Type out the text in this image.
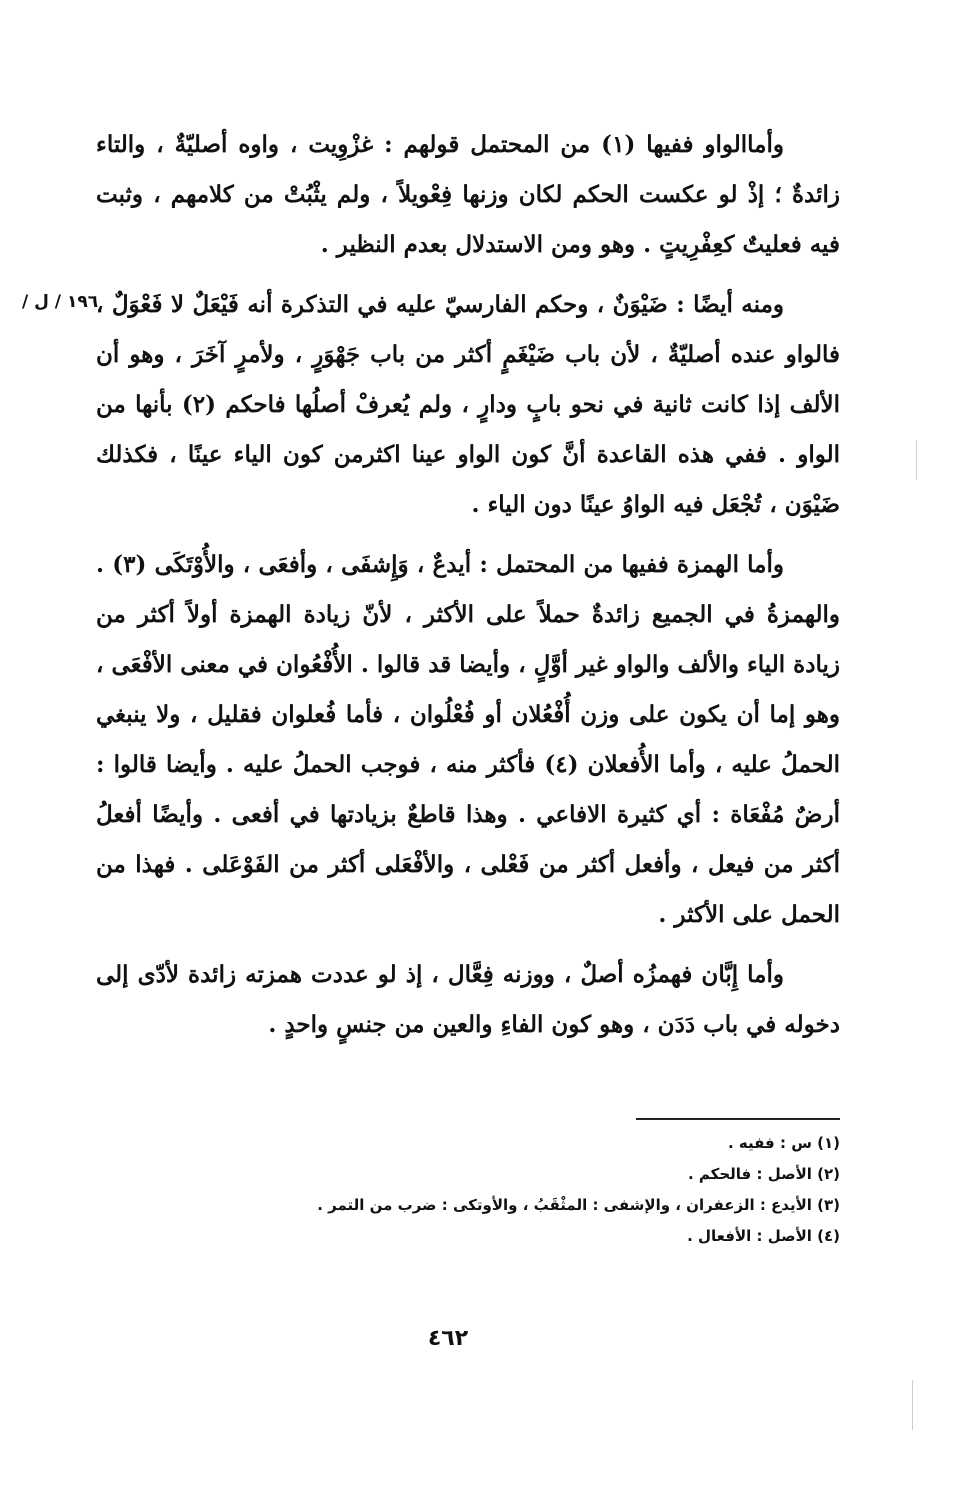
/ ١٩٦ / ل

وأماالواو ففيها (١) من المحتمل قولهم : غزْوِيت ، واوه أصليّةٌ ، والتاء زائدةٌ ؛ إذْ لو عكست الحكم لكان وزنها فِعْويلاً ، ولم يثْبُتْ من كلامهم ، وثبت فيه فعليتٌ كعِفْرِيتٍ . وهو ومن الاستدلال بعدم النظير .

ومنه أيضًا : ضَيْوَنٌ ، وحكم الفارسيّ عليه في التذكرة أنه فَيْعَلٌ لا فَعْوَلٌ ، فالواو عنده أصليّةٌ ، لأن باب ضَيْغَمٍ أكثر من باب جَهْوَرٍ ، ولأمرٍ آخَرَ ، وهو أن الألف إذا كانت ثانية في نحو بابٍ ودارٍ ، ولم يُعرفْ أصلُها فاحكم (٢) بأنها من الواو . ففي هذه القاعدة أنَّ كون الواو عينا اكثرمن كون الياء عينًا ، فكذلك ضَيْوَن ، تُجْعَل فيه الواوُ عينًا دون الياء .

وأما الهمزة ففيها من المحتمل : أيدعٌ ، وَإِشفَى ، وأفعَى ، والأُوْتَكَى (٣) . والهمزةُ في الجميع زائدةٌ حملاً على الأكثر ، لأنّ زيادة الهمزة أولاً أكثر من زيادة الياء والألف والواو غير أوَّلٍ ، وأيضا قد قالوا . الأُفْعُوان في معنى الأفْعَى ، وهو إما أن يكون على وزن أُفْعُلان أو فُعْلُوان ، فأما فُعلوان فقليل ، ولا ينبغي الحملُ عليه ، وأما الأُفعلان (٤) فأكثر منه ، فوجب الحملُ عليه . وأيضا قالوا : أرضٌ مُفْعَاة : أي كثيرة الافاعي . وهذا قاطعٌ بزيادتها في أفعى . وأيضًا أفعلُ أكثر من فيعل ، وأفعل أكثر من فَعْلى ، والأفْعَلى أكثر من الفَوْعَلى . فهذا من الحمل على الأكثر .

وأما إِبَّان فهمزُه أصلٌ ، ووزنه فِعَّال ، إذ لو عددت همزته زائدة لأدّى إلى دخوله في باب دَدَن ، وهو كون الفاءِ والعين من جنسٍ واحدٍ .

(١) س : ففيه .

(٢) الأصل : فالحكم .

(٣) الأيدع : الزعفران ، والإشفى : المثْقَبُ ، والأوتكى : ضرب من التمر .

(٤) الأصل : الأفعال .

٤٦٢
